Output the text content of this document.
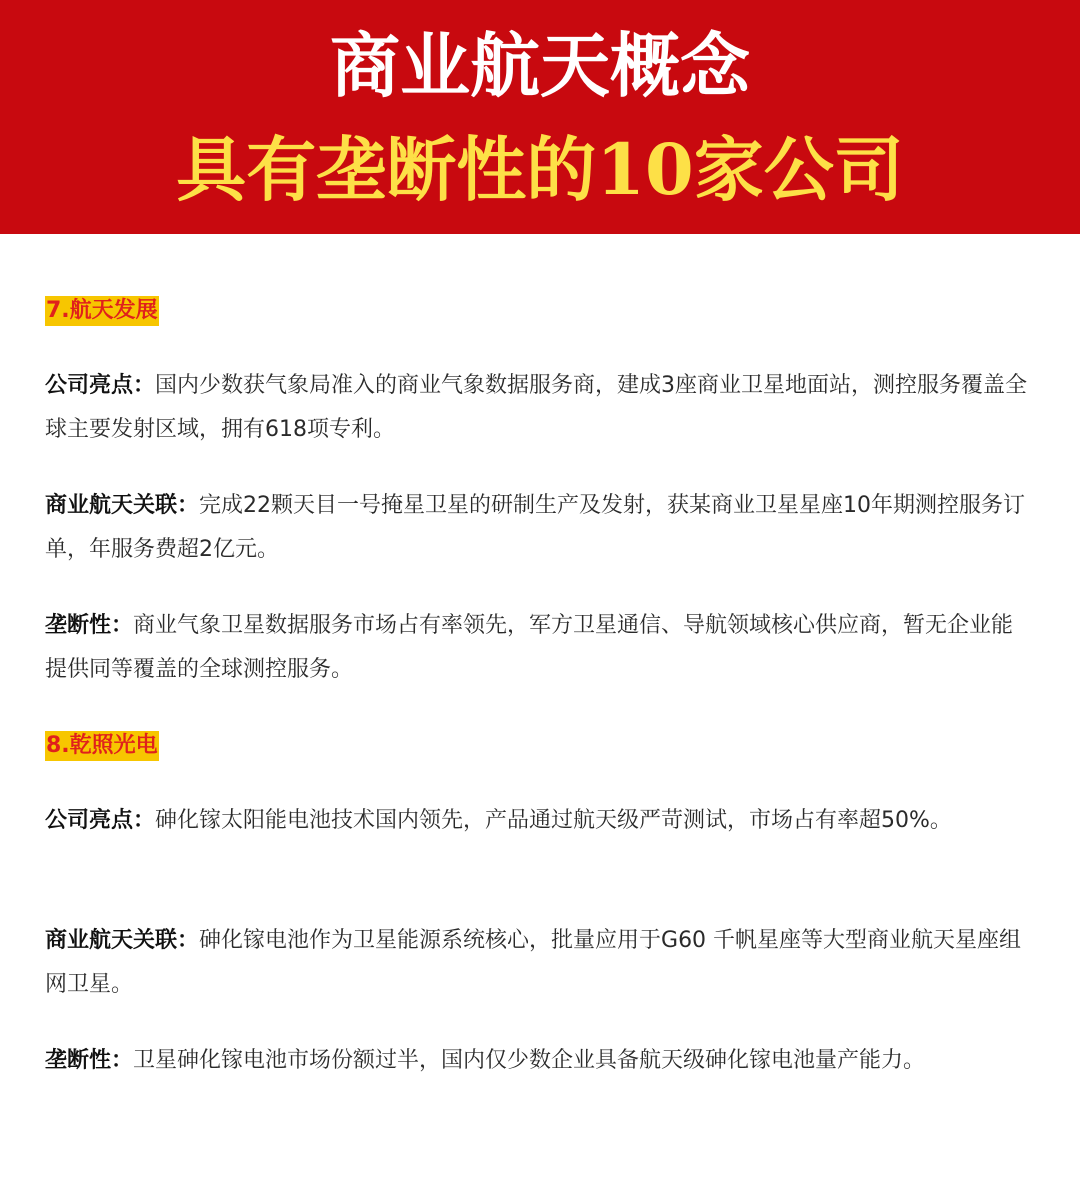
商业航天概念
具有垄断性的10家公司
7.航天发展
公司亮点：国内少数获气象局准入的商业气象数据服务商，建成3座商业卫星地面站，测控服务覆盖全球主要发射区域，拥有618项专利。
商业航天关联：完成22颗天目一号掩星卫星的研制生产及发射，获某商业卫星星座10年期测控服务订单，年服务费超2亿元。
垄断性：商业气象卫星数据服务市场占有率领先，军方卫星通信、导航领域核心供应商，暂无企业能提供同等覆盖的全球测控服务。
8.乾照光电
公司亮点：砷化镓太阳能电池技术国内领先，产品通过航天级严苛测试，市场占有率超50%。
商业航天关联：砷化镓电池作为卫星能源系统核心，批量应用于G60 千帆星座等大型商业航天星座组网卫星。
垄断性：卫星砷化镓电池市场份额过半，国内仅少数企业具备航天级砷化镓电池量产能力。
